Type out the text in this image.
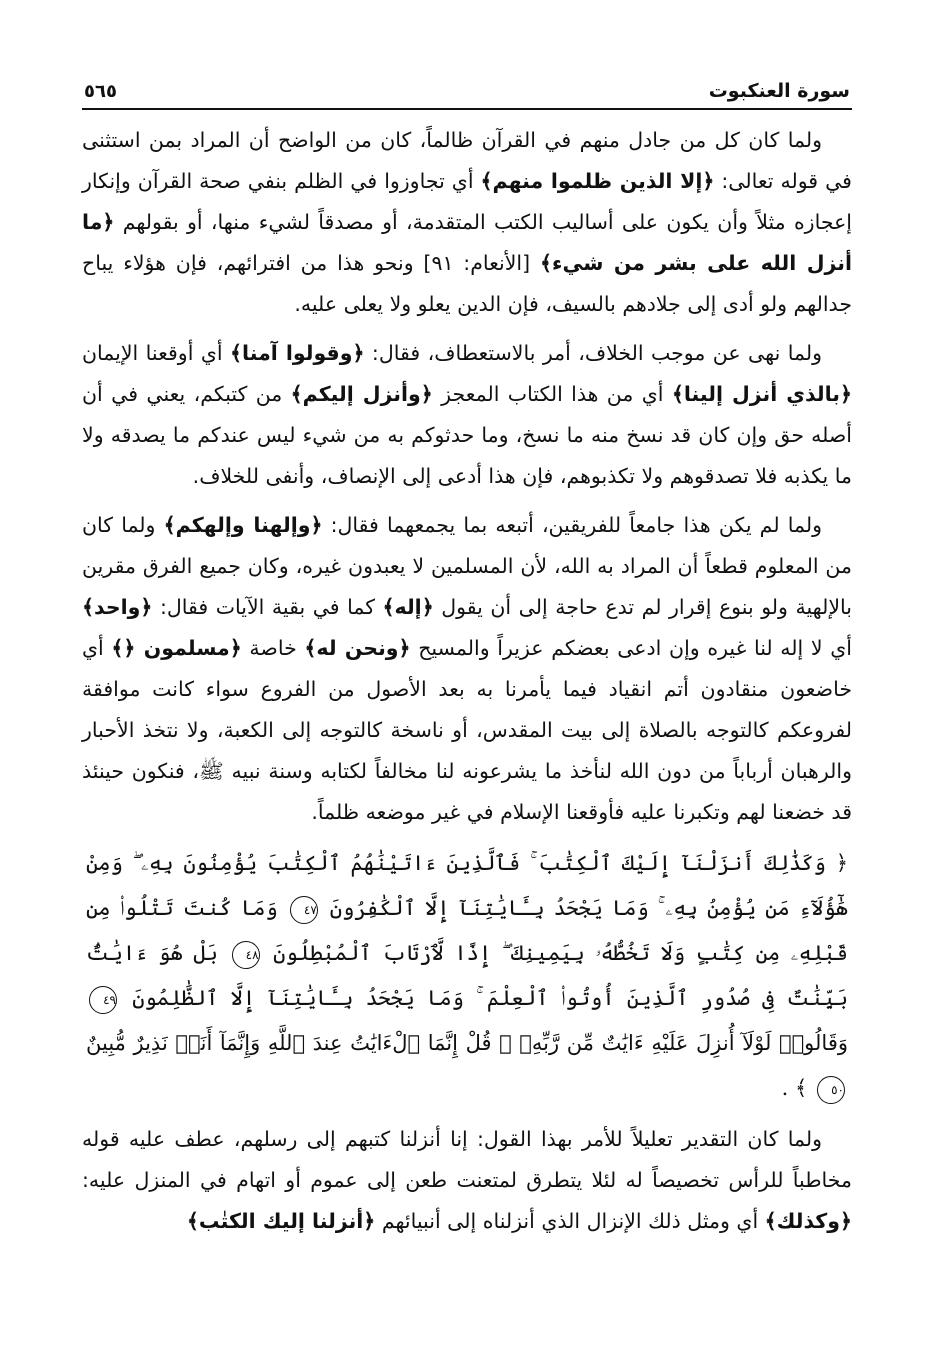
سورة العنكبوت
٥٦٥

ولما كان كل من جادل منهم في القرآن ظالماً، كان من الواضح أن المراد بمن استثنى في قوله تعالى: ﴿إلا الذين ظلموا منهم﴾ أي تجاوزوا في الظلم بنفي صحة القرآن وإنكار إعجازه مثلاً وأن يكون على أساليب الكتب المتقدمة، أو مصدقاً لشيء منها، أو بقولهم ﴿ما أنزل الله على بشر من شيء﴾ [الأنعام: ٩١] ونحو هذا من افترائهم، فإن هؤلاء يباح جدالهم ولو أدى إلى جلادهم بالسيف، فإن الدين يعلو ولا يعلى عليه.

ولما نهى عن موجب الخلاف، أمر بالاستعطاف، فقال: ﴿وقولوا آمنا﴾ أي أوقعنا الإيمان ﴿بالذي أنزل إلينا﴾ أي من هذا الكتاب المعجز ﴿وأنزل إليكم﴾ من كتبكم، يعني في أن أصله حق وإن كان قد نسخ منه ما نسخ، وما حدثوكم به من شيء ليس عندكم ما يصدقه ولا ما يكذبه فلا تصدقوهم ولا تكذبوهم، فإن هذا أدعى إلى الإنصاف، وأنفى للخلاف.

ولما لم يكن هذا جامعاً للفريقين، أتبعه بما يجمعهما فقال: ﴿وإلهنا وإلهكم﴾ ولما كان من المعلوم قطعاً أن المراد به الله، لأن المسلمين لا يعبدون غيره، وكان جميع الفرق مقرين بالإلهية ولو بنوع إقرار لم تدع حاجة إلى أن يقول ﴿إله﴾ كما في بقية الآيات فقال: ﴿واحد﴾ أي لا إله لنا غيره وإن ادعى بعضكم عزيراً والمسيح ﴿ونحن له﴾ خاصة ﴿مسلمون ﴿﴾ أي خاضعون منقادون أتم انقياد فيما يأمرنا به بعد الأصول من الفروع سواء كانت موافقة لفروعكم كالتوجه بالصلاة إلى بيت المقدس، أو ناسخة كالتوجه إلى الكعبة، ولا نتخذ الأحبار والرهبان أرباباً من دون الله لنأخذ ما يشرعونه لنا مخالفاً لكتابه وسنة نبيه ﷺ، فنكون حينئذ قد خضعنا لهم وتكبرنا عليه فأوقعنا الإسلام في غير موضعه ظلماً.

﴿ وَكَذَٰلِكَ أَنزَلْنَآ إِلَيْكَ ٱلْكِتَٰبَ ۚ فَٱلَّذِينَ ءَاتَيْنَٰهُمُ ٱلْكِتَٰبَ يُؤْمِنُونَ بِهِۦ ۖ وَمِنْ هَٰٓؤُلَآءِ مَن يُؤْمِنُ بِهِۦ ۚ وَمَا يَجْحَدُ بِـَٔايَٰتِنَآ إِلَّا ٱلْكَٰفِرُونَ ٤٧ وَمَا كُنتَ تَتْلُوا۟ مِن قَبْلِهِۦ مِن كِتَٰبٍ وَلَا تَخُطُّهُۥ بِيَمِينِكَ ۖ إِذًا لَّٱرْتَابَ ٱلْمُبْطِلُونَ ٤٨ بَلْ هُوَ ءَايَٰتٌۢ بَيِّنَٰتٌ فِى صُدُورِ ٱلَّذِينَ أُوتُوا۟ ٱلْعِلْمَ ۚ وَمَا يَجْحَدُ بِـَٔايَٰتِنَآ إِلَّا ٱلظَّٰلِمُونَ ٤٩ وَقَالُوا۟ لَوْلَآ أُنزِلَ عَلَيْهِ ءَايَٰتٌ مِّن رَّبِّهِۦ ۖ قُلْ إِنَّمَا ٱلْءَايَٰتُ عِندَ ٱللَّهِ وَإِنَّمَآ أَنَا۠ نَذِيرٌ مُّبِينٌ ٥٠ ﴾ .

ولما كان التقدير تعليلاً للأمر بهذا القول: إنا أنزلنا كتبهم إلى رسلهم، عطف عليه قوله مخاطباً للرأس تخصيصاً له لئلا يتطرق لمتعنت طعن إلى عموم أو اتهام في المنزل عليه: ﴿وكذلك﴾ أي ومثل ذلك الإنزال الذي أنزلناه إلى أنبيائهم ﴿أنزلنا إليك الكتٰب﴾
